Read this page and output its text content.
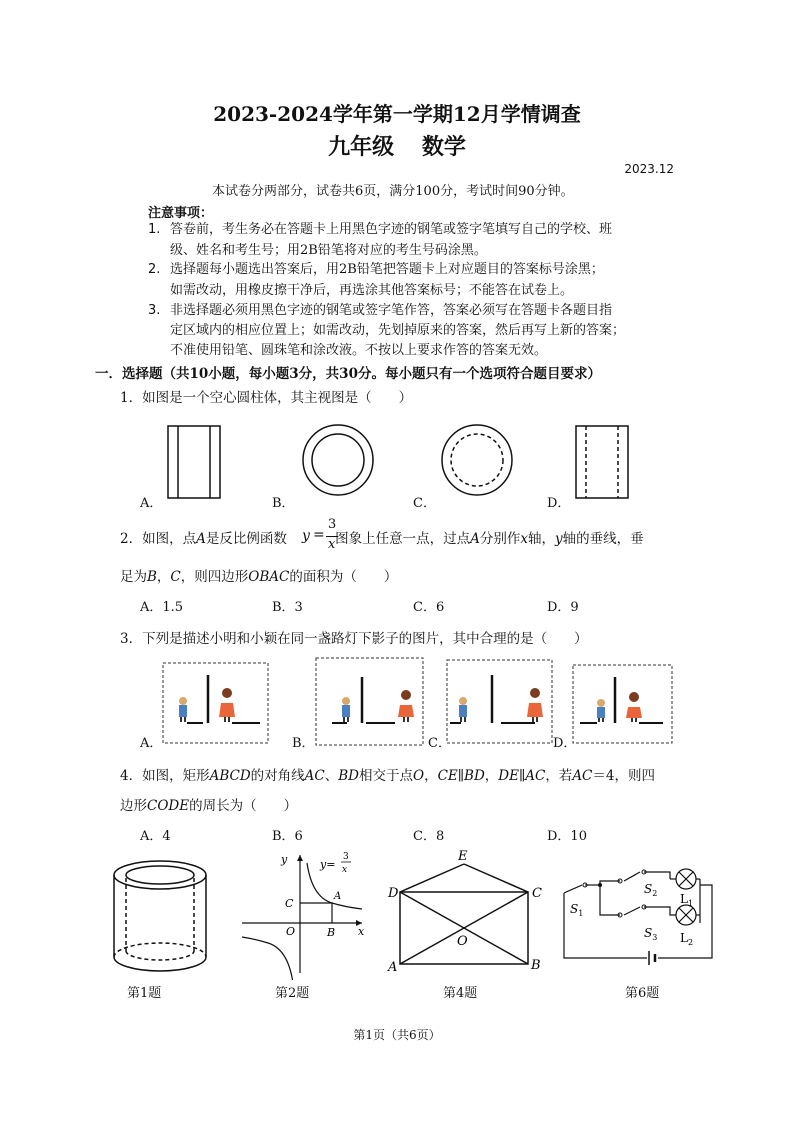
2023-2024学年第一学期12月学情调查
九年级 数学
2023.12
本试卷分两部分，试卷共6页，满分100分，考试时间90分钟。
注意事项：
1. 答卷前，考生务必在答题卡上用黑色字迹的钢笔或签字笔填写自己的学校、班
级、姓名和考生号；用2B铅笔将对应的考生号码涂黑。
2. 选择题每小题选出答案后，用2B铅笔把答题卡上对应题目的答案标号涂黑；
如需改动，用橡皮擦干净后，再选涂其他答案标号；不能答在试卷上。
3. 非选择题必须用黑色字迹的钢笔或签字笔作答，答案必须写在答题卡各题目指
定区域内的相应位置上；如需改动，先划掉原来的答案，然后再写上新的答案；
不准使用铅笔、圆珠笔和涂改液。不按以上要求作答的答案无效。
一．选择题（共10小题，每小题3分，共30分。每小题只有一个选项符合题目要求）
1．如图是一个空心圆柱体，其主视图是（　　）
A．	B．	C．	D．
2．如图，点A是反比例函数	图象上任意一点，过点A分别作x轴，y轴的垂线，垂
y =
3
x
足为B，C，则四边形OBAC的面积为（　　）
A．1.5	B．3	C．6	D．9
3．下列是描述小明和小颖在同一盏路灯下影子的图片，其中合理的是（　　）
A．	B．	C．	D．
4．如图，矩形ABCD的对角线AC、BD相交于点O，CE∥BD，DE∥AC，若AC＝4，则四
边形CODE的周长为（　　）
A．4	B．6	C．8	D．10
y
x
C
A
O	B
y=
3
x
E
D	C
O
A	B
$S_1$
$S_2$
$S_3$
$L_1$
$L_2$
第1题	第2题	第4题	第6题
第1页（共6页）
